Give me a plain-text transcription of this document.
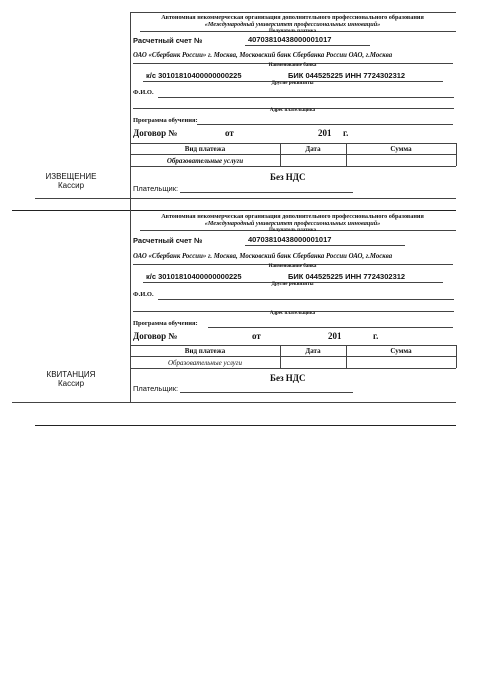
Автономная некоммерческая организация дополнительного профессионального образования
«Международный университет профессиональных инноваций»
Получатель платежа
Расчетный счет №	40703810438000001017
ОАО «Сбербанк России» г. Москва, Московский банк Сбербанка России ОАО, г.Москва
Наименование банка
к/с 30101810400000000225	БИК 044525225 ИНН 7724302312
Другие реквизиты
Ф.И.О.
Адрес плательщика
Программа обучения:
Договор №	от	201 г.
Вид платежа	Дата	Сумма
Образовательные услуги
Без НДС
Плательщик:
ИЗВЕЩЕНИЕ
Кассир
Автономная некоммерческая организация дополнительного профессионального образования
«Международный университет профессиональных инноваций»
Получатель платежа
Расчетный счет №	40703810438000001017
ОАО «Сбербанк России» г. Москва, Московский банк Сбербанка России ОАО, г.Москва
Наименование банка
к/с 30101810400000000225	БИК 044525225 ИНН 7724302312
Другие реквизиты
Ф.И.О.
Адрес плательщика
Программа обучения:
Договор №	от	201	г.
Вид платежа	Дата	Сумма
Образовательные услуги
Без НДС
Плательщик:
КВИТАНЦИЯ
Кассир
